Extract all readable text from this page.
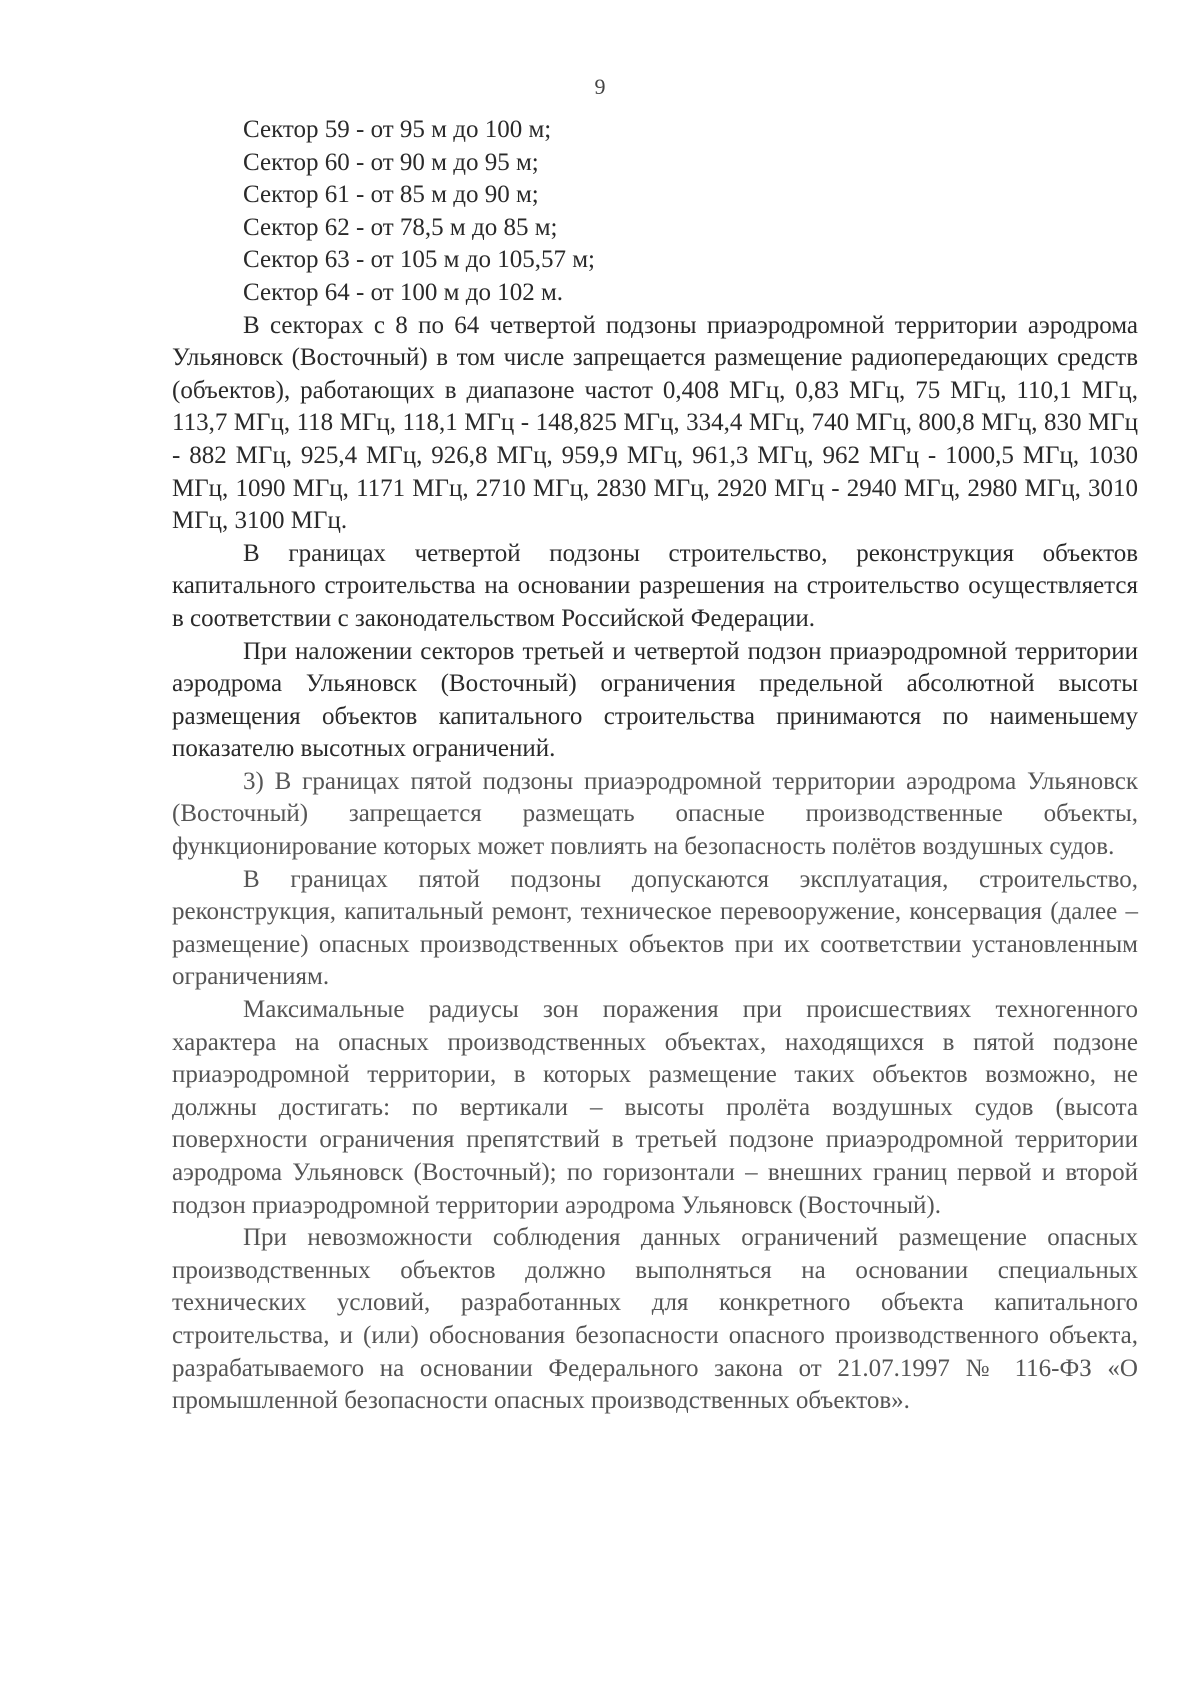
9

Сектор 59 - от 95 м до 100 м;

Сектор 60 - от 90 м до 95 м;

Сектор 61 - от 85 м до 90 м;

Сектор 62 - от 78,5 м до 85 м;

Сектор 63 - от 105 м до 105,57 м;

Сектор 64 - от 100 м до 102 м.

В секторах с 8 по 64 четвертой подзоны приаэродромной территории аэродрома Ульяновск (Восточный) в том числе запрещается размещение радиопередающих средств (объектов), работающих в диапазоне частот 0,408 МГц, 0,83 МГц, 75 МГц, 110,1 МГц, 113,7 МГц, 118 МГц, 118,1 МГц - 148,825 МГц, 334,4 МГц, 740 МГц, 800,8 МГц, 830 МГц - 882 МГц, 925,4 МГц, 926,8 МГц, 959,9 МГц, 961,3 МГц, 962 МГц - 1000,5 МГц, 1030 МГц, 1090 МГц, 1171 МГц, 2710 МГц, 2830 МГц, 2920 МГц - 2940 МГц, 2980 МГц, 3010 МГц, 3100 МГц.

В границах четвертой подзоны строительство, реконструкция объектов капитального строительства на основании разрешения на строительство осуществляется в соответствии с законодательством Российской Федерации.

При наложении секторов третьей и четвертой подзон приаэродромной территории аэродрома Ульяновск (Восточный) ограничения предельной абсолютной высоты размещения объектов капитального строительства принимаются по наименьшему показателю высотных ограничений.

3) В границах пятой подзоны приаэродромной территории аэродрома Ульяновск (Восточный) запрещается размещать опасные производственные объекты, функционирование которых может повлиять на безопасность полётов воздушных судов.

В границах пятой подзоны допускаются эксплуатация, строительство, реконструкция, капитальный ремонт, техническое перевооружение, консервация (далее – размещение) опасных производственных объектов при их соответствии установленным ограничениям.

Максимальные радиусы зон поражения при происшествиях техногенного характера на опасных производственных объектах, находящихся в пятой подзоне приаэродромной территории, в которых размещение таких объектов возможно, не должны достигать: по вертикали – высоты пролёта воздушных судов (высота поверхности ограничения препятствий в третьей подзоне приаэродромной территории аэродрома Ульяновск (Восточный); по горизонтали – внешних границ первой и второй подзон приаэродромной территории аэродрома Ульяновск (Восточный).

При невозможности соблюдения данных ограничений размещение опасных производственных объектов должно выполняться на основании специальных технических условий, разработанных для конкретного объекта капитального строительства, и (или) обоснования безопасности опасного производственного объекта, разрабатываемого на основании Федерального закона от 21.07.1997 № 116-ФЗ «О промышленной безопасности опасных производственных объектов».
